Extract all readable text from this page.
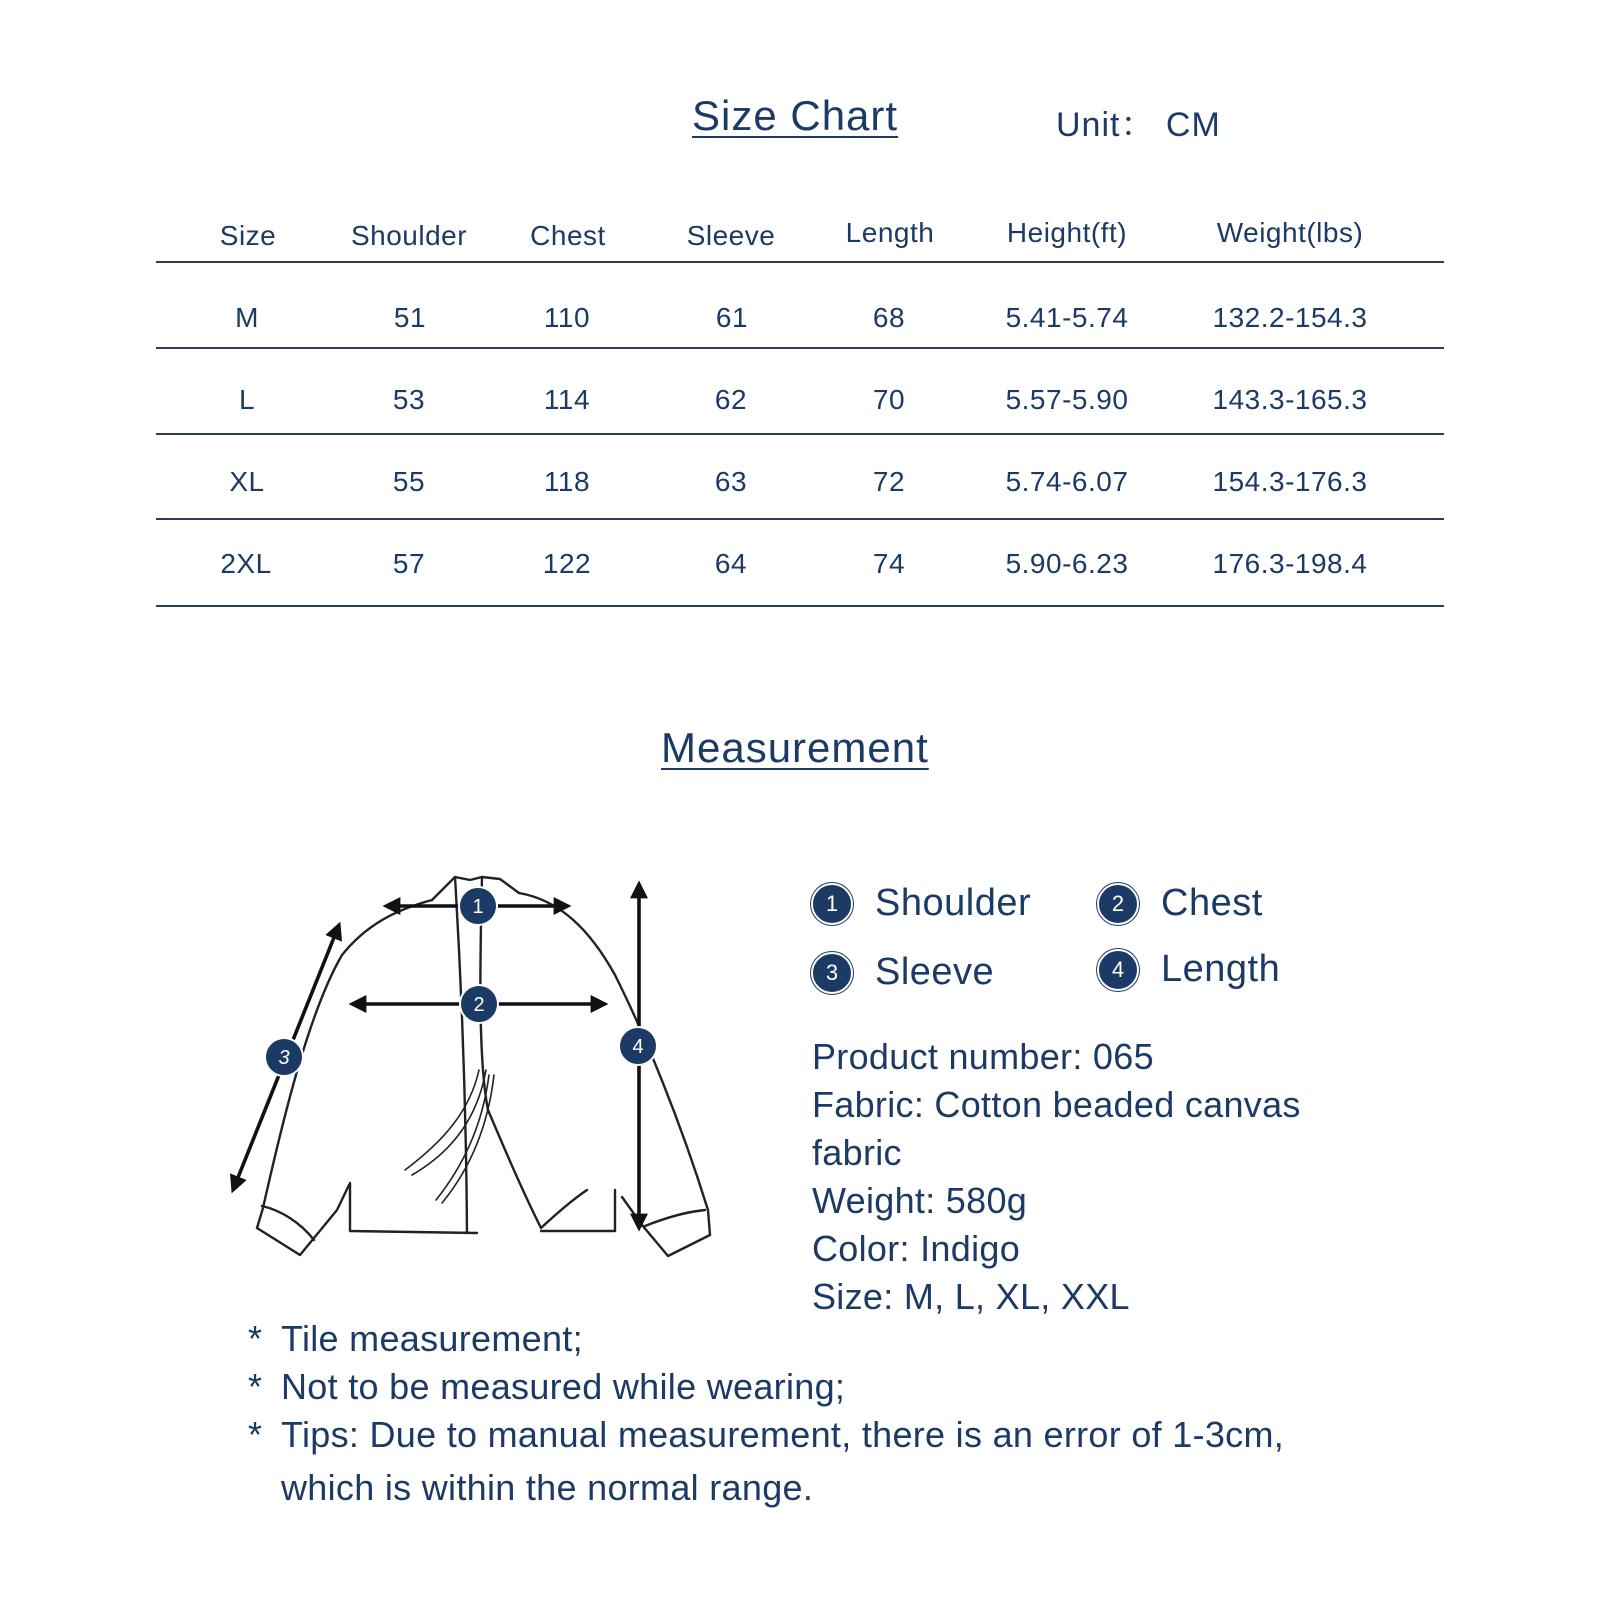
Size Chart	Unit： CM
Size	Shoulder	Chest	Sleeve	Length	Height(ft)	Weight(lbs)
M	51	110	61	68	5.41-5.74	132.2-154.3
L	53	114	62	70	5.57-5.90	143.3-165.3
XL	55	118	63	72	5.74-6.07	154.3-176.3
2XL	57	122	64	74	5.90-6.23	176.3-198.4
Measurement
1
2
3	4
1 Shoulder	2 Chest
3 Sleeve	4 Length
Product number: 065
Fabric: Cotton beaded canvas
fabric
Weight: 580g
Color: Indigo
Size: M, L, XL, XXL
* Tile measurement;
* Not to be measured while wearing;
* Tips: Due to manual measurement, there is an error of 1-3cm,
which is within the normal range.
